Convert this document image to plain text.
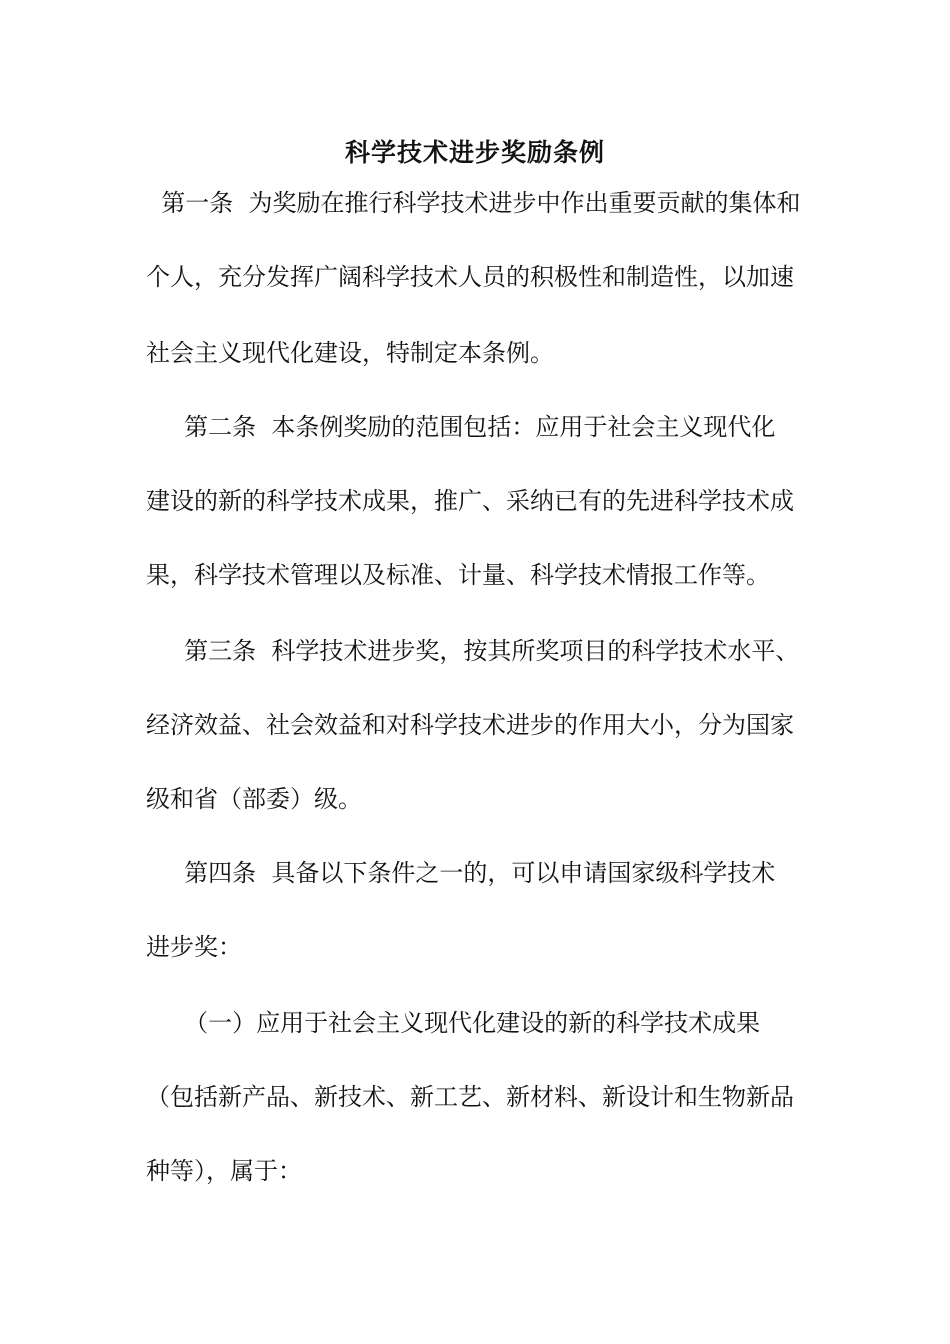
科学技术进步奖励条例

第一条  为奖励在推行科学技术进步中作出重要贡献的集体和

个人，充分发挥广阔科学技术人员的积极性和制造性，以加速

社会主义现代化建设，特制定本条例。

第二条  本条例奖励的范围包括：应用于社会主义现代化

建设的新的科学技术成果，推广、采纳已有的先进科学技术成

果，科学技术管理以及标准、计量、科学技术情报工作等。

第三条  科学技术进步奖，按其所奖项目的科学技术水平、

经济效益、社会效益和对科学技术进步的作用大小，分为国家

级和省（部委）级。

第四条  具备以下条件之一的，可以申请国家级科学技术

进步奖：

（一）应用于社会主义现代化建设的新的科学技术成果

（包括新产品、新技术、新工艺、新材料、新设计和生物新品

种等），属于：
